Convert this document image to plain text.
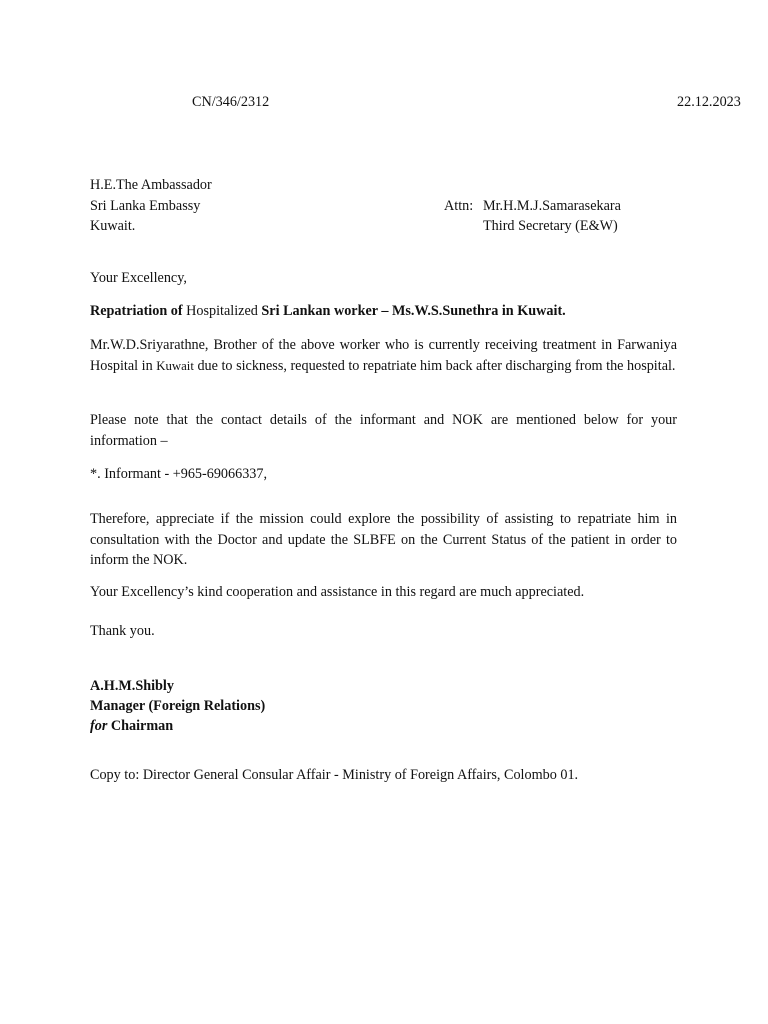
CN/346/2312	22.12.2023
H.E.The Ambassador
Sri Lanka Embassy
Kuwait.
Attn: Mr.H.M.J.Samarasekara
Third Secretary (E&W)
Your Excellency,
Repatriation of Hospitalized Sri Lankan worker – Ms.W.S.Sunethra in Kuwait.
Mr.W.D.Sriyarathne, Brother of the above worker who is currently receiving treatment in Farwaniya Hospital in Kuwait due to sickness, requested to repatriate him back after discharging from the hospital.
Please note that the contact details of the informant and NOK are mentioned below for your information –
*. Informant - +965-69066337,
Therefore, appreciate if the mission could explore the possibility of assisting to repatriate him in consultation with the Doctor and update the SLBFE on the Current Status of the patient in order to inform the NOK.
Your Excellency’s kind cooperation and assistance in this regard are much appreciated.
Thank you.
A.H.M.Shibly
Manager (Foreign Relations)
for Chairman
Copy to: Director General Consular Affair - Ministry of Foreign Affairs, Colombo 01.
